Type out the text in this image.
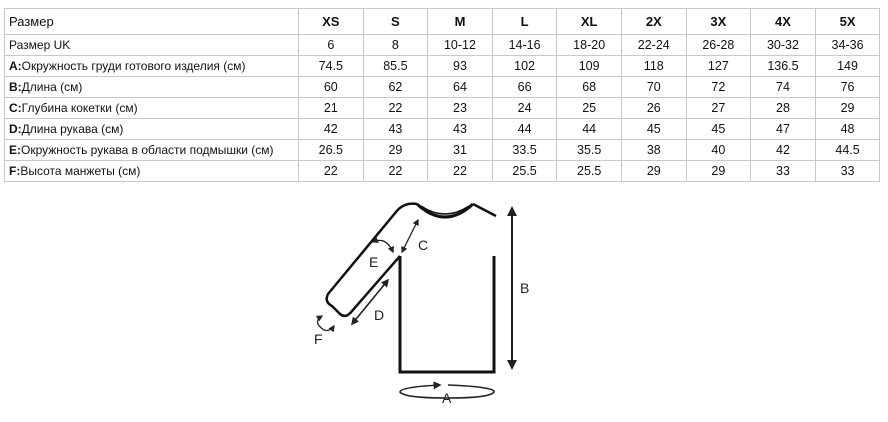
Размер	XS	S	M	L	XL	2X	3X	4X	5X
Размер UK	6	8	10-12	14-16	18-20	22-24	26-28	30-32	34-36
A:Окружность груди готового изделия (см)	74.5	85.5	93	102	109	118	127	136.5	149
B:Длина (см)	60	62	64	66	68	70	72	74	76
C:Глубина кокетки (см)	21	22	23	24	25	26	27	28	29
D:Длина рукава (см)	42	43	43	44	44	45	45	47	48
E:Окружность рукава в области подмышки (см)	26.5	29	31	33.5	35.5	38	40	42	44.5
F:Высота манжеты (см)	22	22	22	25.5	25.5	29	29	33	33
B
C
E
D
F
A
